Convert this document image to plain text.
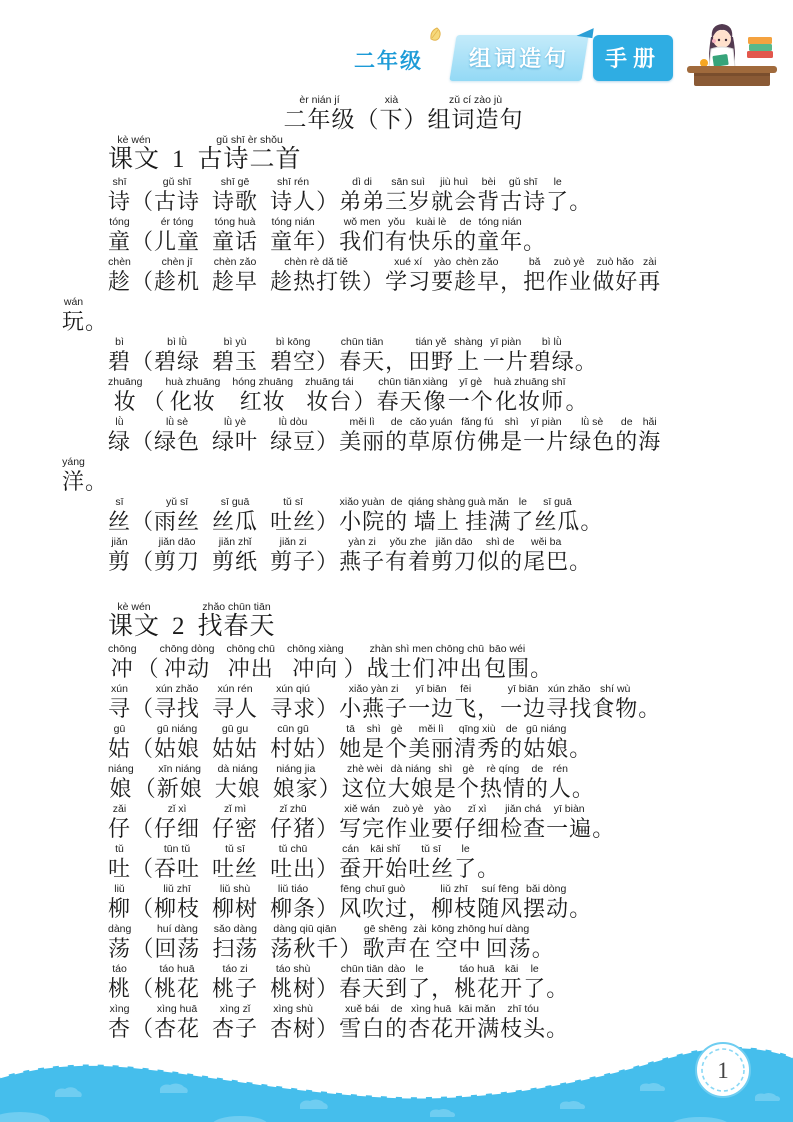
二年级 组词造句	手册
èr nián jí
二年级
（
xià
下
）
zǔ cí zào jù
组词造句
kè wén
课文
1
gǔ shī èr shǒu
古诗二首
shī
诗
（
gǔ shī
古诗
shī gē
诗歌
shī rén
诗人
）
dì di
弟弟
sān suì
三岁
jiù huì
就会
bèi
背
gǔ shī
古诗
le
了
。
tóng
童
（
ér tóng
儿童
tóng huà
童话
tóng nián
童年
）
wǒ men
我们
yǒu
有
kuài lè
快乐
de
的
tóng nián
童年
。
chèn
趁
（
chèn jī
趁机
chèn zǎo
趁早
chèn rè dǎ tiě
趁热打铁
）
xué xí
学习
yào
要
chèn zǎo
趁早
，
bǎ
把
zuò yè
作业
zuò hǎo
做好
zài
再
wán
玩
。
bì
碧
（
bì lǜ
碧绿
bì yù
碧玉
bì kōng
碧空
）
chūn tiān
春天
，
tián yě
田野
shàng
上
yī piàn
一片
bì lǜ
碧绿
。
zhuāng
妆
（
huà zhuāng
化妆
hóng zhuāng
红妆
zhuāng tái
妆台
）
chūn tiān
春天
xiàng
像
yī gè
一个
huà zhuāng shī
化妆师
。
lǜ
绿
（
lǜ sè
绿色
lǜ yè
绿叶
lǜ dòu
绿豆
）
měi lì
美丽
de
的
cǎo yuán
草原
fǎng fú
仿佛
shì
是
yī piàn
一片
lǜ sè
绿色
de
的
hǎi
海
yáng
洋
。
sī
丝
（
yǔ sī
雨丝
sī guā
丝瓜
tǔ sī
吐丝
）
xiǎo yuàn
小院
de
的
qiáng shàng
墙上
guà mǎn
挂满
le
了
sī guā
丝瓜
。
jiǎn
剪
（
jiǎn dāo
剪刀
jiǎn zhǐ
剪纸
jiǎn zi
剪子
）
yàn zi
燕子
yǒu zhe
有着
jiǎn dāo
剪刀
shì de
似的
wěi ba
尾巴
。
kè wén
课文
2
zhǎo chūn tiān
找春天
chōng
冲
（
chōng dòng
冲动
chōng chū
冲出
chōng xiàng
冲向
）
zhàn shì men
战士们
chōng chū
冲出
bāo wéi
包围
。
xún
寻
（
xún zhǎo
寻找
xún rén
寻人
xún qiú
寻求
）
xiǎo yàn zi
小燕子
yī biān
一边
fēi
飞
，
yī biān
一边
xún zhǎo
寻找
shí wù
食物
。
gū
姑
（
gū niáng
姑娘
gū gu
姑姑
cūn gū
村姑
）
tā
她
shì
是
gè
个
měi lì
美丽
qīng xiù
清秀
de
的
gū niáng
姑娘
。
niáng
娘
（
xīn niáng
新娘
dà niáng
大娘
niáng jia
娘家
）
zhè wèi
这位
dà niáng
大娘
shì
是
gè
个
rè qíng
热情
de
的
rén
人
。
zǎi
仔
（
zǐ xì
仔细
zǐ mì
仔密
zǐ zhū
仔猪
）
xiě wán
写完
zuò yè
作业
yào
要
zǐ xì
仔细
jiǎn chá
检查
yī biàn
一遍
。
tǔ
吐
（
tūn tǔ
吞吐
tǔ sī
吐丝
tǔ chū
吐出
）
cán
蚕
kāi shǐ
开始
tǔ sī
吐丝
le
了
。
liǔ
柳
（
liǔ zhī
柳枝
liǔ shù
柳树
liǔ tiáo
柳条
）
fēng
风
chuī guò
吹过
，
liǔ zhī
柳枝
suí fēng
随风
bǎi dòng
摆动
。
dàng
荡
（
huí dàng
回荡
sǎo dàng
扫荡
dàng qiū qiān
荡秋千
）
gē shēng
歌声
zài
在
kōng zhōng
空中
huí dàng
回荡
。
táo
桃
（
táo huā
桃花
táo zi
桃子
táo shù
桃树
）
chūn tiān
春天
dào
到
le
了
，
táo huā
桃花
kāi
开
le
了
。
xìng
杏
（
xìng huā
杏花
xìng zǐ
杏子
xìng shù
杏树
）
xuě bái
雪白
de
的
xìng huā
杏花
kāi mǎn
开满
zhī tóu
枝头
。
1
